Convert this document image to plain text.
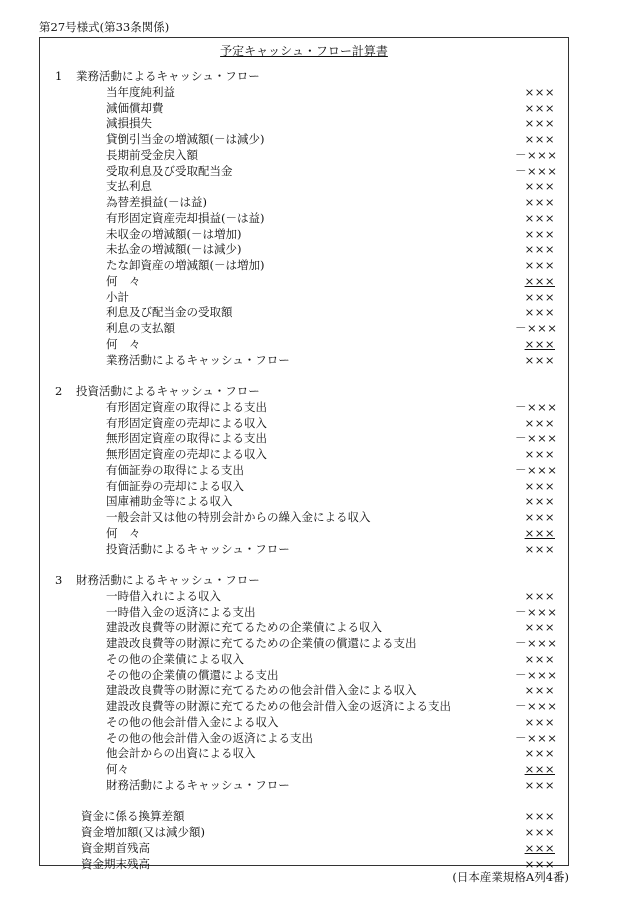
第27号様式(第33条関係)
予定キャッシュ・フロー計算書
1 業務活動によるキャッシュ・フロー
当年度純利益	×××
減価償却費	×××
減損損失	×××
貸倒引当金の増減額(－は減少)	×××
長期前受金戻入額	－×××
受取利息及び受取配当金	－×××
支払利息	×××
為替差損益(－は益)	×××
有形固定資産売却損益(－は益)	×××
未収金の増減額(－は増加)	×××
未払金の増減額(－は減少)	×××
たな卸資産の増減額(－は増加)	×××
何　々	×××
小計	×××
利息及び配当金の受取額	×××
利息の支払額	－×××
何　々	×××
業務活動によるキャッシュ・フロー	×××
2 投資活動によるキャッシュ・フロー
有形固定資産の取得による支出	－×××
有形固定資産の売却による収入	×××
無形固定資産の取得による支出	－×××
無形固定資産の売却による収入	×××
有価証券の取得による支出	－×××
有価証券の売却による収入	×××
国庫補助金等による収入	×××
一般会計又は他の特別会計からの繰入金による収入	×××
何　々	×××
投資活動によるキャッシュ・フロー	×××
3 財務活動によるキャッシュ・フロー
一時借入れによる収入	×××
一時借入金の返済による支出	－×××
建設改良費等の財源に充てるための企業債による収入	×××
建設改良費等の財源に充てるための企業債の償還による支出	－×××
その他の企業債による収入	×××
その他の企業債の償還による支出	－×××
建設改良費等の財源に充てるための他会計借入金による収入	×××
建設改良費等の財源に充てるための他会計借入金の返済による支出	－×××
その他の他会計借入金による収入	×××
その他の他会計借入金の返済による支出	－×××
他会計からの出資による収入	×××
何々	×××
財務活動によるキャッシュ・フロー	×××
資金に係る換算差額	×××
資金増加額(又は減少額)	×××
資金期首残高	×××
資金期末残高	×××
(日本産業規格A列4番)
